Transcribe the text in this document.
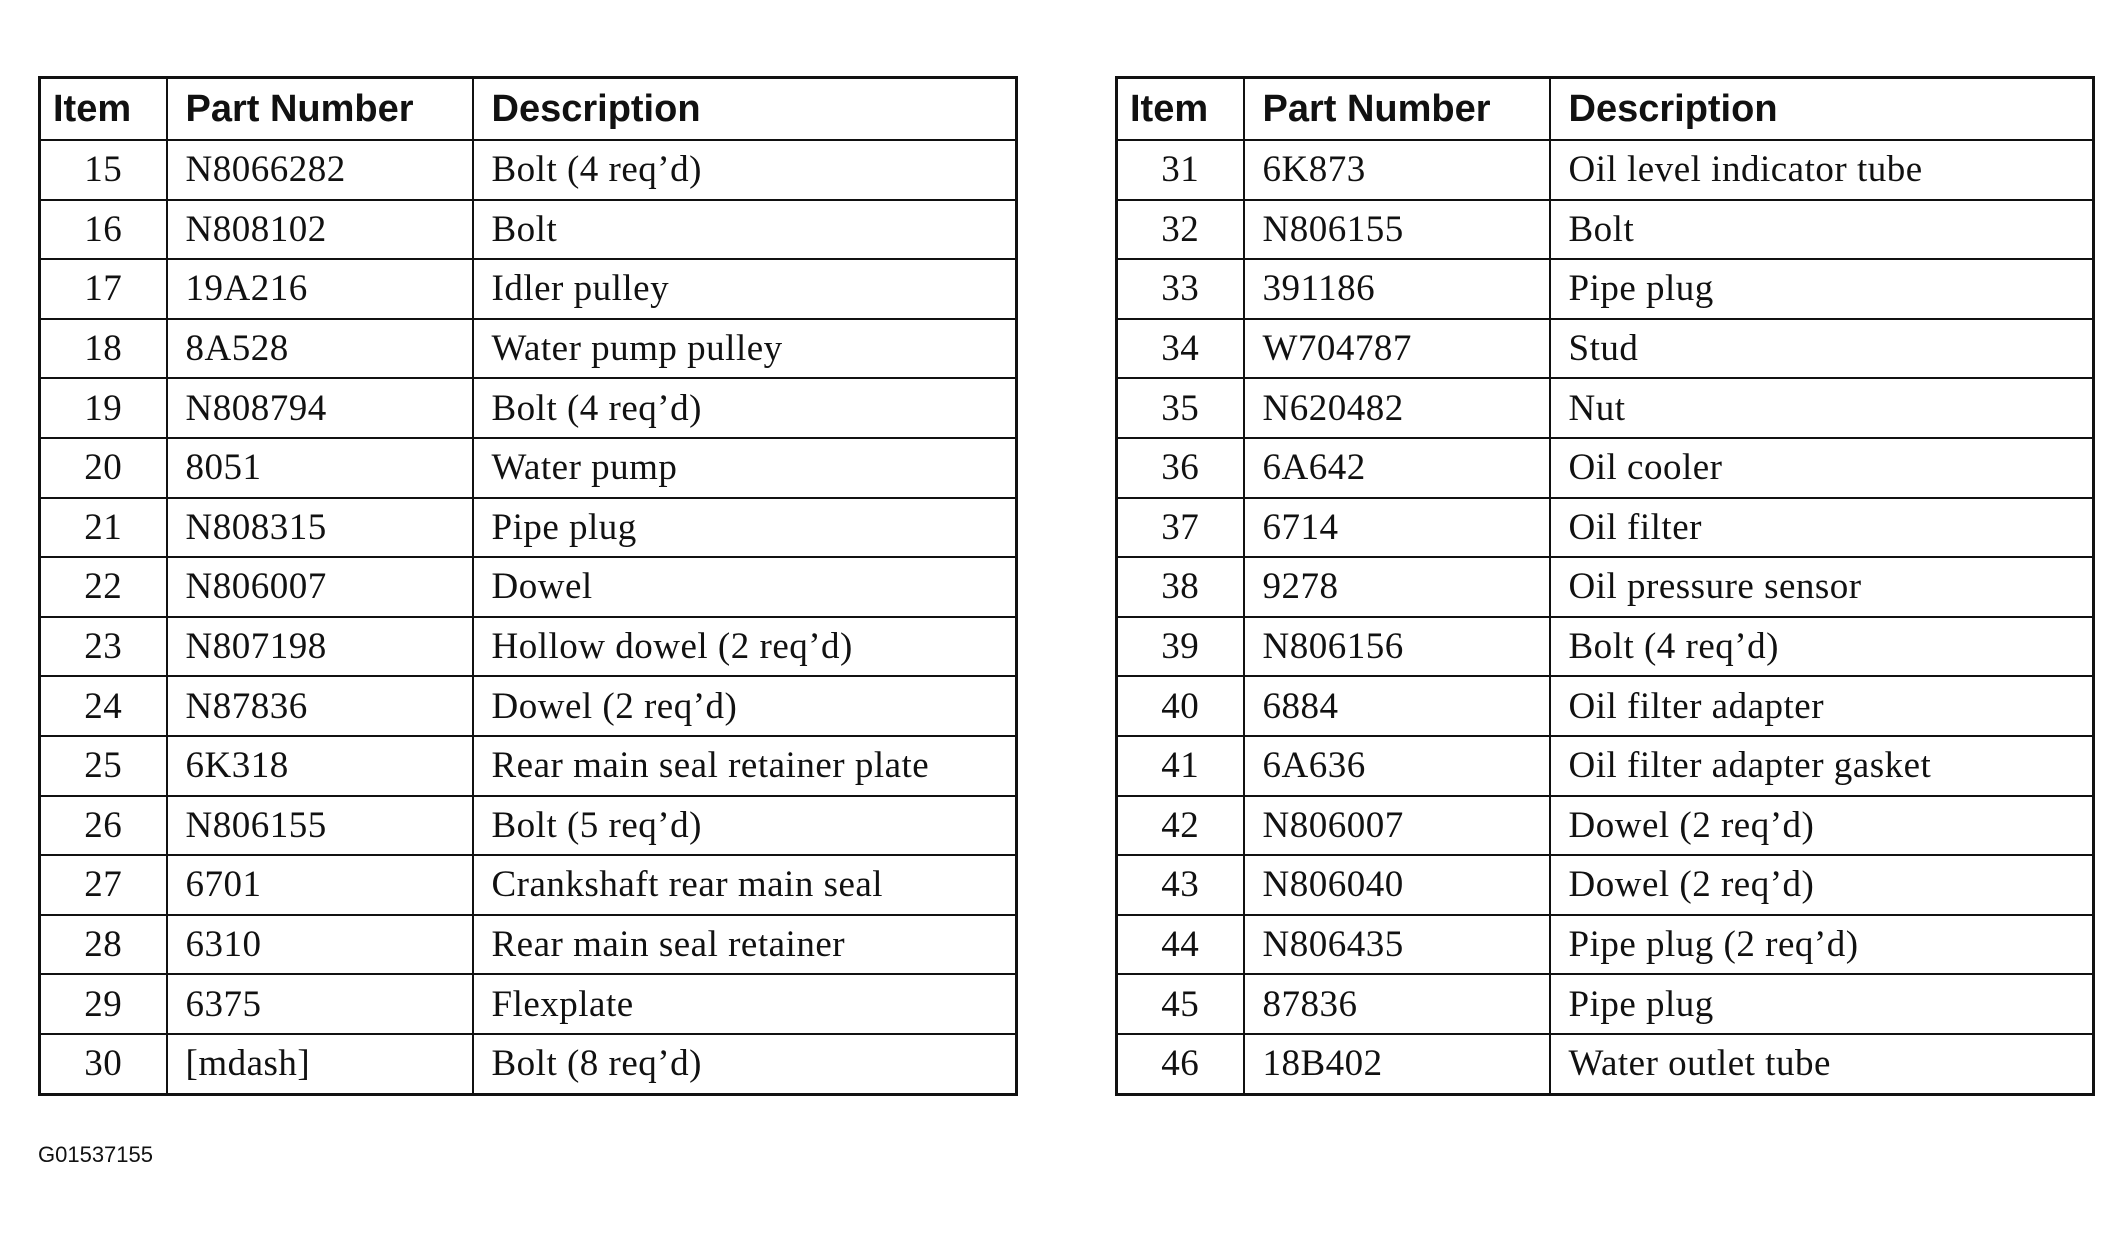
Item	Part Number	Description
15	N8066282	Bolt (4 req’d)
16	N808102	Bolt
17	19A216	Idler pulley
18	8A528	Water pump pulley
19	N808794	Bolt (4 req’d)
20	8051	Water pump
21	N808315	Pipe plug
22	N806007	Dowel
23	N807198	Hollow dowel (2 req’d)
24	N87836	Dowel (2 req’d)
25	6K318	Rear main seal retainer plate
26	N806155	Bolt (5 req’d)
27	6701	Crankshaft rear main seal
28	6310	Rear main seal retainer
29	6375	Flexplate
30	[mdash]	Bolt (8 req’d)
Item	Part Number	Description
31	6K873	Oil level indicator tube
32	N806155	Bolt
33	391186	Pipe plug
34	W704787	Stud
35	N620482	Nut
36	6A642	Oil cooler
37	6714	Oil filter
38	9278	Oil pressure sensor
39	N806156	Bolt (4 req’d)
40	6884	Oil filter adapter
41	6A636	Oil filter adapter gasket
42	N806007	Dowel (2 req’d)
43	N806040	Dowel (2 req’d)
44	N806435	Pipe plug (2 req’d)
45	87836	Pipe plug
46	18B402	Water outlet tube
G01537155
